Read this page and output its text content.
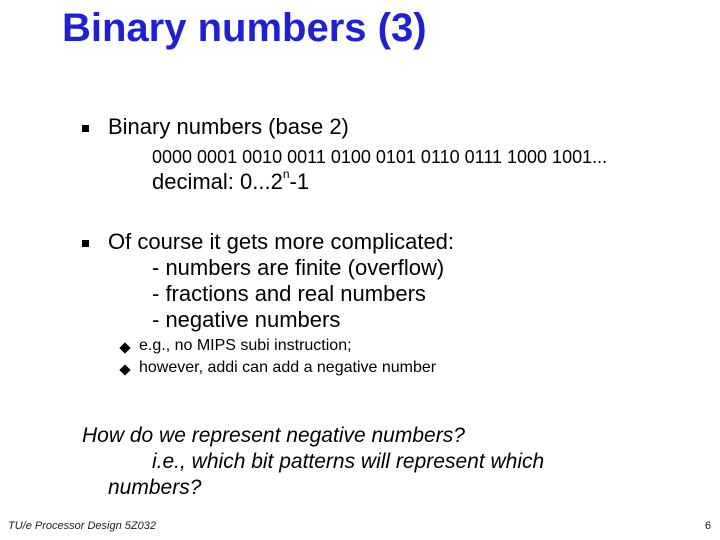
Binary numbers (3)
Binary numbers (base 2)
0000 0001 0010 0011 0100 0101 0110 0111 1000 1001...
decimal: 0...2$^n$-1
Of course it gets more complicated:
- numbers are finite (overflow)
- fractions and real numbers
- negative numbers
e.g., no MIPS subi instruction;
however, addi can add a negative number
How do we represent negative numbers?
i.e., which bit patterns will represent which
numbers?
TU/e Processor Design 5Z032	6
